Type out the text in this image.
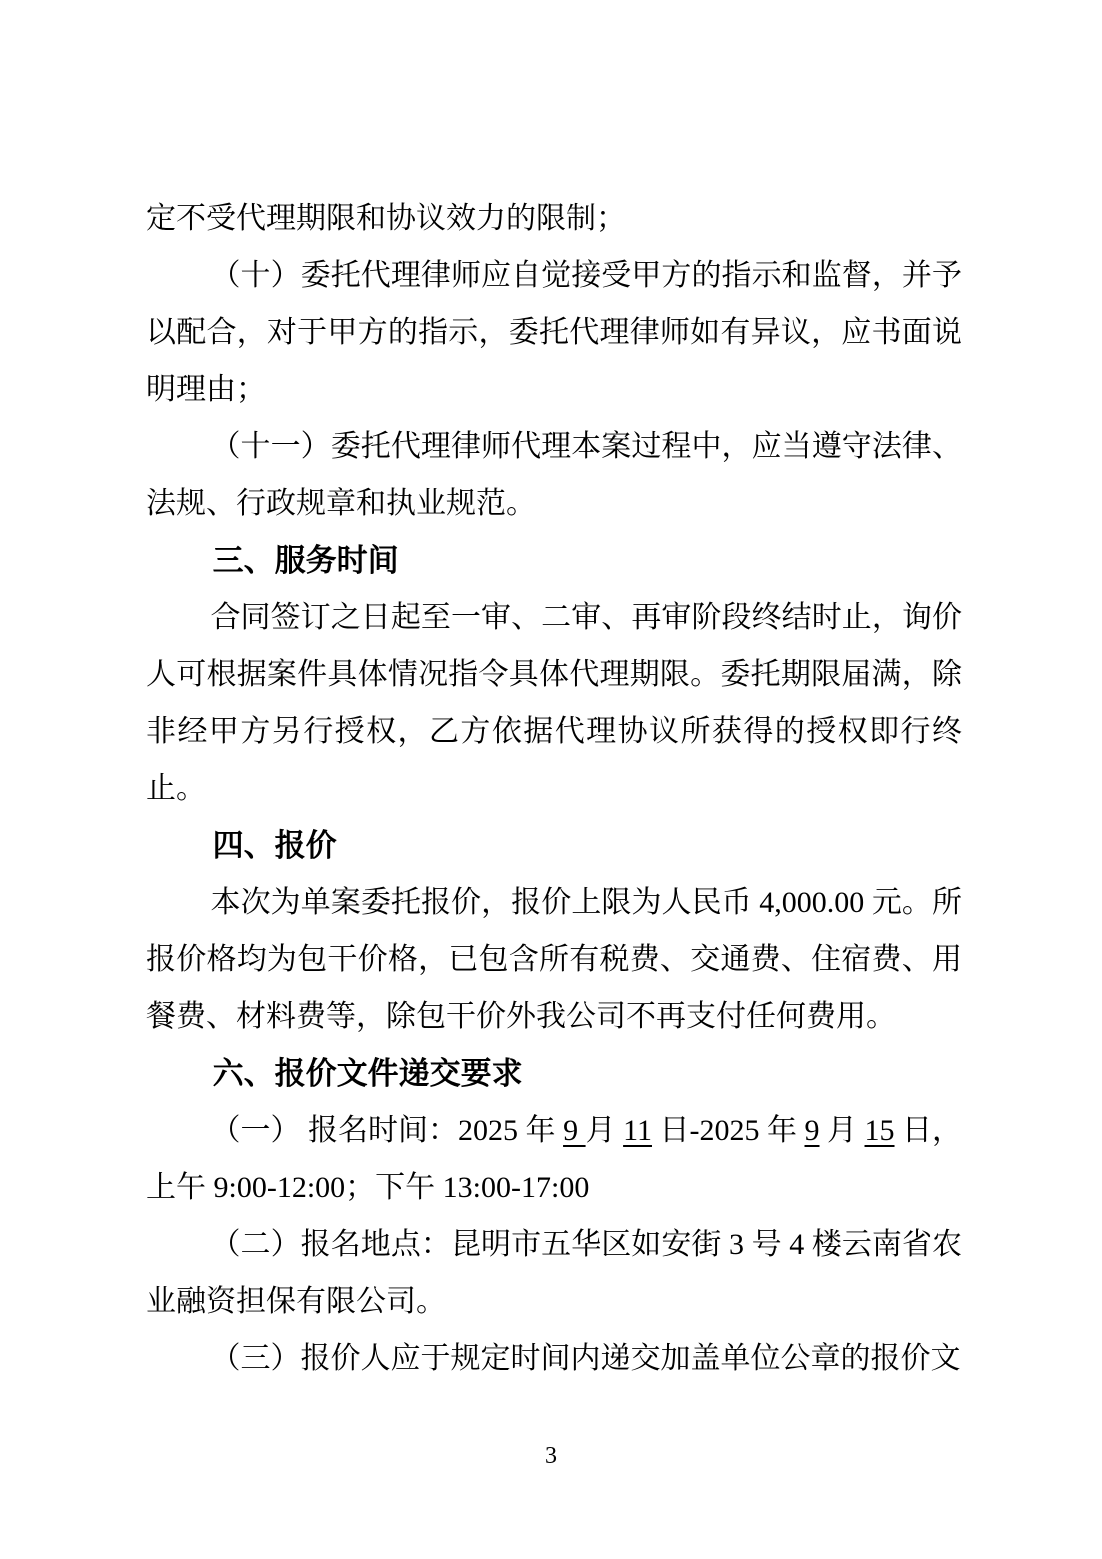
定不受代理期限和协议效力的限制；

（十）委托代理律师应自觉接受甲方的指示和监督，并予以配合，对于甲方的指示，委托代理律师如有异议，应书面说明理由；

（十一）委托代理律师代理本案过程中，应当遵守法律、法规、行政规章和执业规范。

三、服务时间

合同签订之日起至一审、二审、再审阶段终结时止，询价人可根据案件具体情况指令具体代理期限。委托期限届满，除非经甲方另行授权，乙方依据代理协议所获得的授权即行终止。

四、报价

本次为单案委托报价，报价上限为人民币 4,000.00 元。所报价格均为包干价格，已包含所有税费、交通费、住宿费、用餐费、材料费等，除包干价外我公司不再支付任何费用。

六、报价文件递交要求

（一） 报名时间：2025 年 9 月 11 日-2025 年 9 月 15 日，上午 9:00-12:00；下午 13:00-17:00

（二）报名地点：昆明市五华区如安街 3 号 4 楼云南省农业融资担保有限公司。

（三）报价人应于规定时间内递交加盖单位公章的报价文

3
